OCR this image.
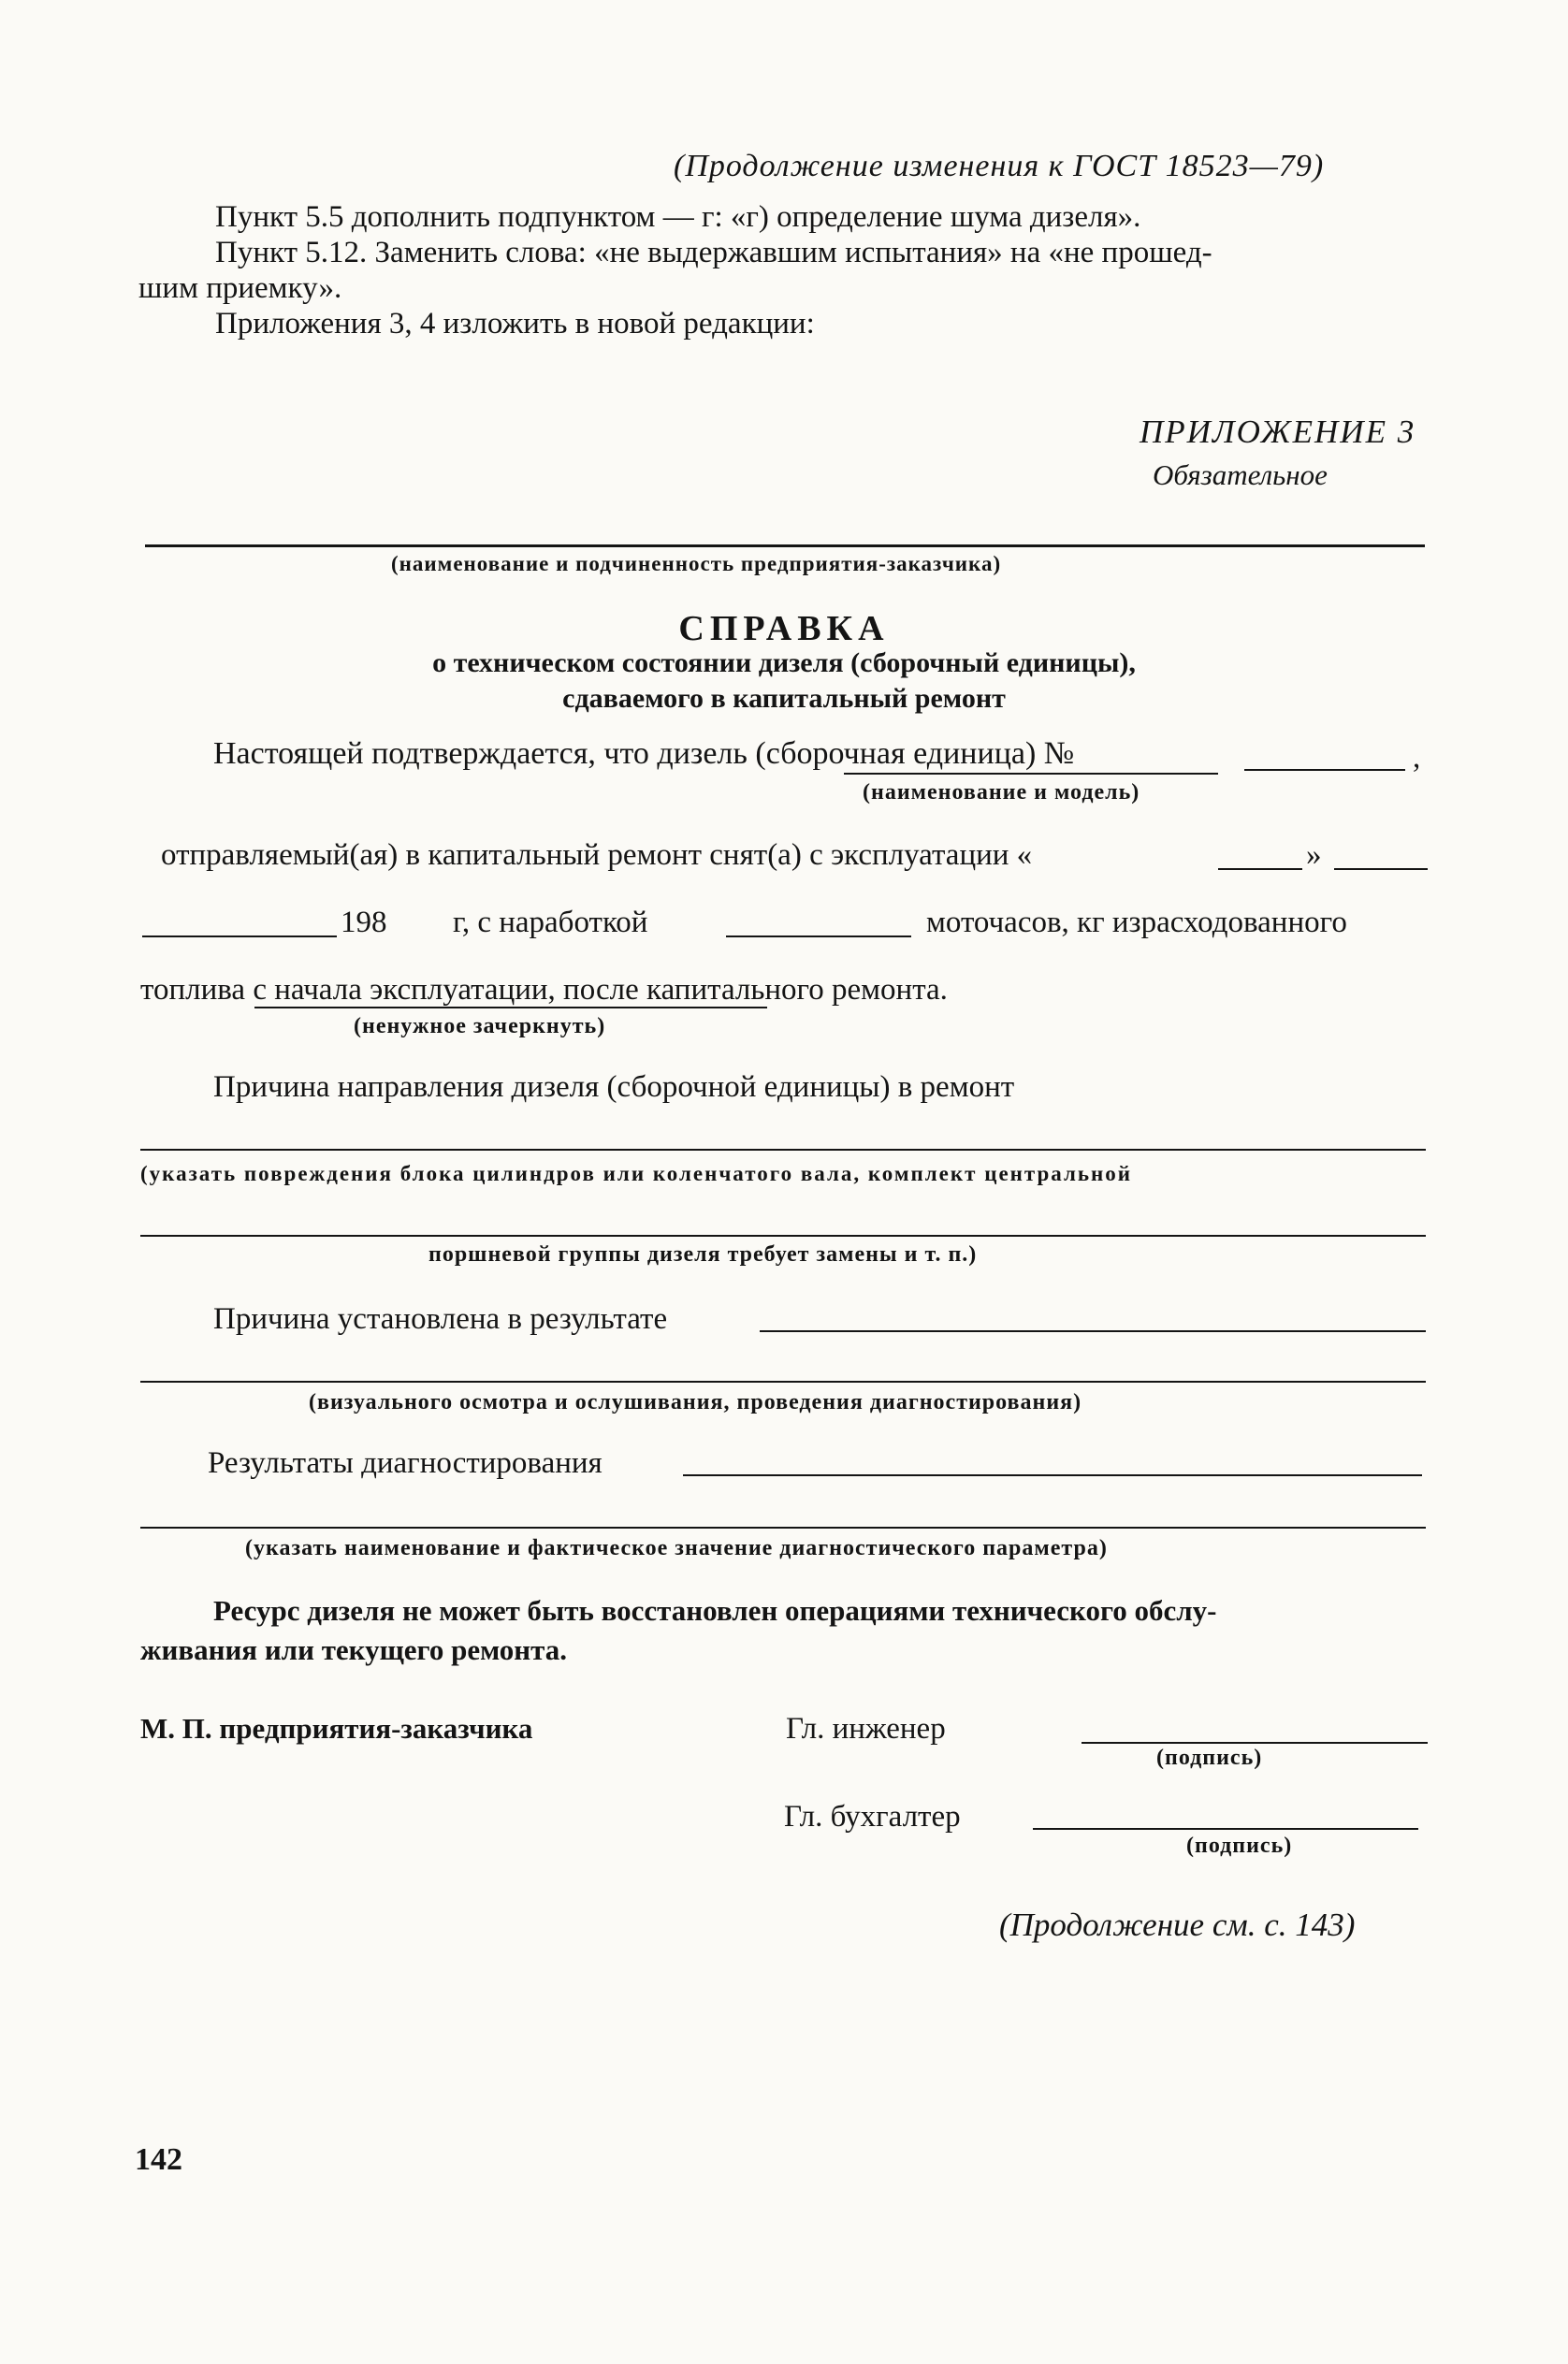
(Продолжение изменения к ГОСТ 18523—79)
Пункт 5.5 дополнить подпунктом — г: «г) определение шума дизеля».
Пункт 5.12. Заменить слова: «не выдержавшим испытания» на «не прошед-
шим приемку».
Приложения 3, 4 изложить в новой редакции:
ПРИЛОЖЕНИЕ 3
Обязательное
(наименование и подчиненность предприятия-заказчика)
СПРАВКА
о техническом состоянии дизеля (сборочный единицы),
сдаваемого в капитальный ремонт
Настоящей подтверждается, что дизель (сборочная единица) №	,
(наименование и модель)
отправляемый(ая) в капитальный ремонт снят(а) с эксплуатации «	»
198 г, с наработкой	моточасов, кг израсходованного
топлива с начала эксплуатации, после капитального ремонта.
(ненужное зачеркнуть)
Причина направления дизеля (сборочной единицы) в ремонт
(указать повреждения блока цилиндров или коленчатого вала, комплект центральной
поршневой группы дизеля требует замены и т. п.)
Причина установлена в результате
(визуального осмотра и ослушивания, проведения диагностирования)
Результаты диагностирования
(указать наименование и фактическое значение диагностического параметра)
Ресурс дизеля не может быть восстановлен операциями технического обслу-
живания или текущего ремонта.
М. П. предприятия-заказчика	Гл. инженер
(подпись)
Гл. бухгалтер
(подпись)
(Продолжение см. с. 143)
142
